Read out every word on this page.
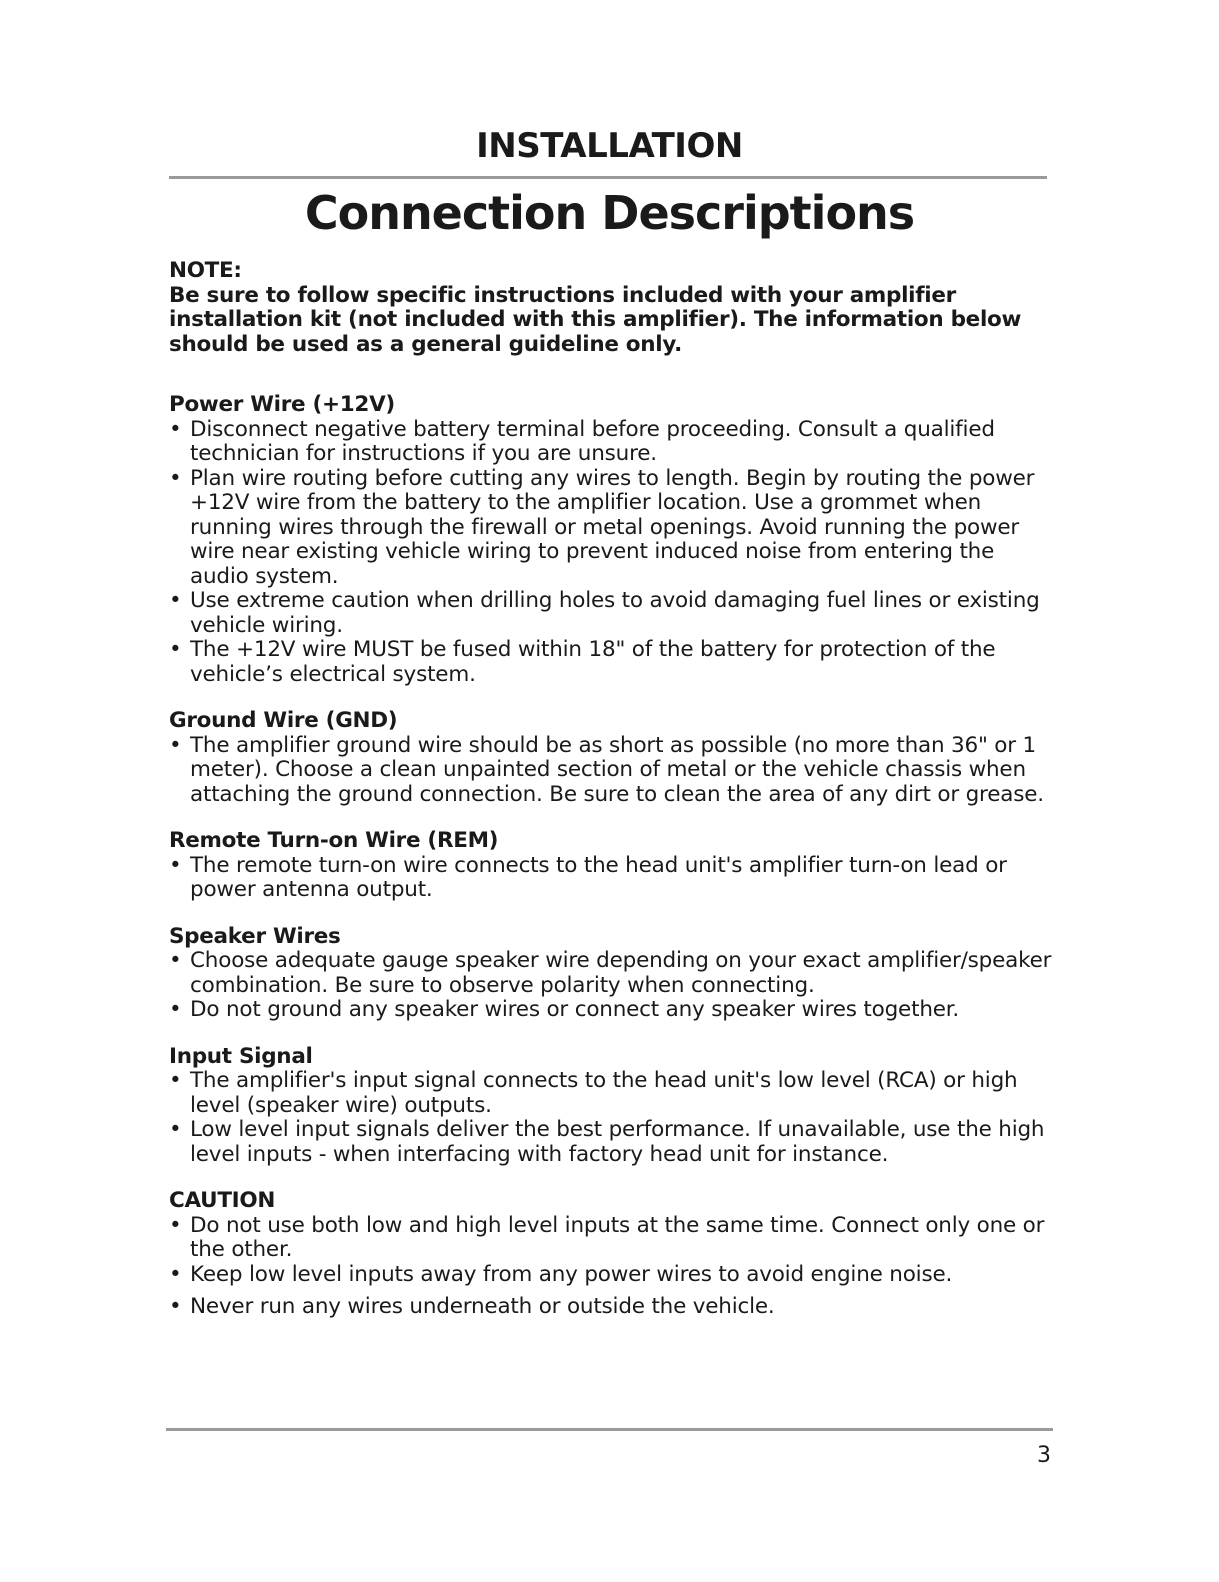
INSTALLATION
Connection Descriptions
NOTE:
Be sure to follow specific instructions included with your amplifier installation kit (not included with this amplifier). The information below should be used as a general guideline only.
Power Wire (+12V)
• Disconnect negative battery terminal before proceeding. Consult a qualified technician for instructions if you are unsure.
• Plan wire routing before cutting any wires to length. Begin by routing the power +12V wire from the battery to the amplifier location. Use a grommet when running wires through the firewall or metal openings. Avoid running the power wire near existing vehicle wiring to prevent induced noise from entering the audio system.
• Use extreme caution when drilling holes to avoid damaging fuel lines or existing vehicle wiring.
• The +12V wire MUST be fused within 18" of the battery for protection of the vehicle’s electrical system.
Ground Wire (GND)
• The amplifier ground wire should be as short as possible (no more than 36" or 1 meter). Choose a clean unpainted section of metal or the vehicle chassis when attaching the ground connection. Be sure to clean the area of any dirt or grease.
Remote Turn-on Wire (REM)
• The remote turn-on wire connects to the head unit's amplifier turn-on lead or power antenna output.
Speaker Wires
• Choose adequate gauge speaker wire depending on your exact amplifier/speaker combination. Be sure to observe polarity when connecting.
• Do not ground any speaker wires or connect any speaker wires together.
Input Signal
• The amplifier's input signal connects to the head unit's low level (RCA) or high level (speaker wire) outputs.
• Low level input signals deliver the best performance. If unavailable, use the high level inputs - when interfacing with factory head unit for instance.
CAUTION
• Do not use both low and high level inputs at the same time. Connect only one or the other.
• Keep low level inputs away from any power wires to avoid engine noise.
• Never run any wires underneath or outside the vehicle.
3
